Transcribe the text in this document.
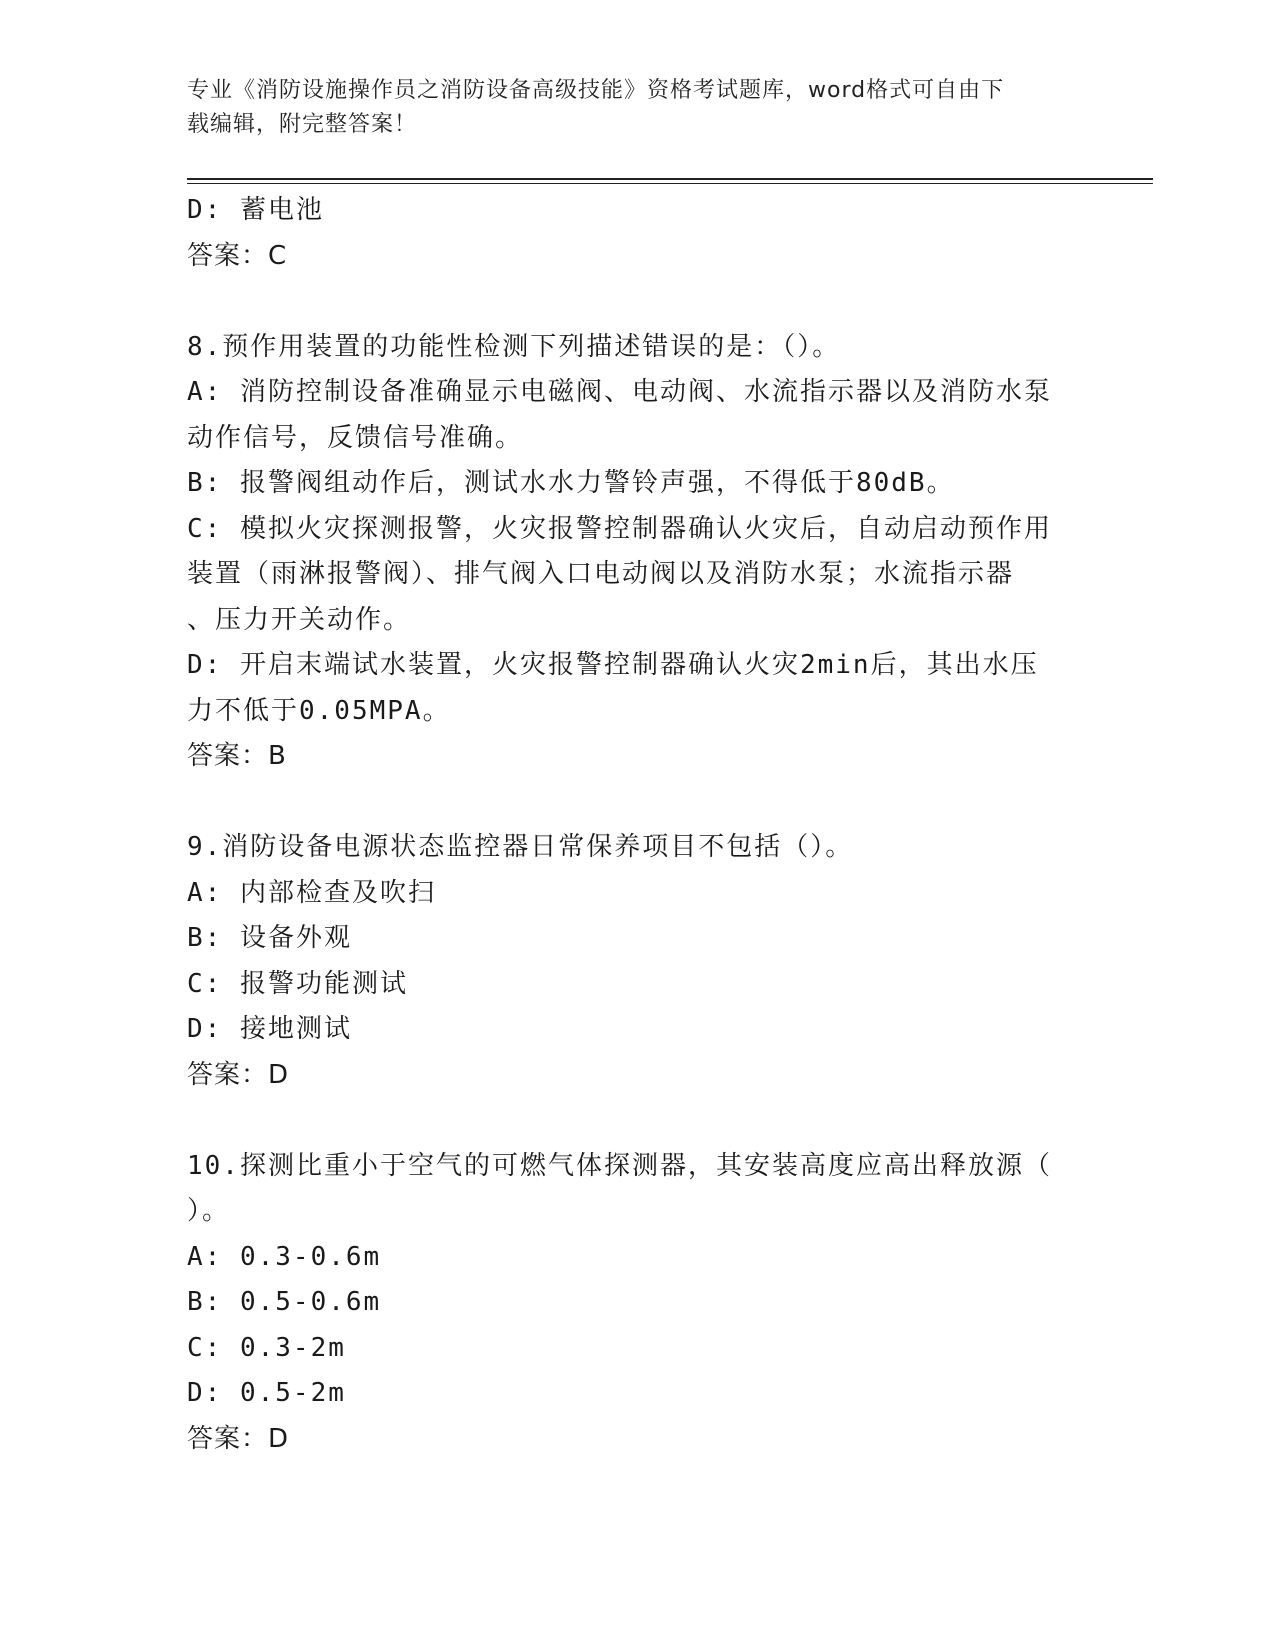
专业《消防设施操作员之消防设备高级技能》资格考试题库，word格式可自由下
载编辑，附完整答案！
D: 蓄电池
答案：C
8.预作用装置的功能性检测下列描述错误的是：（）。
A: 消防控制设备准确显示电磁阀、电动阀、水流指示器以及消防水泵
动作信号，反馈信号准确。
B: 报警阀组动作后，测试水水力警铃声强，不得低于80dB。
C: 模拟火灾探测报警，火灾报警控制器确认火灾后，自动启动预作用
装置（雨淋报警阀）、排气阀入口电动阀以及消防水泵；水流指示器
、压力开关动作。
D: 开启末端试水装置，火灾报警控制器确认火灾2min后，其出水压
力不低于0.05MPA。
答案：B
9.消防设备电源状态监控器日常保养项目不包括（）。
A: 内部检查及吹扫
B: 设备外观
C: 报警功能测试
D: 接地测试
答案：D
10.探测比重小于空气的可燃气体探测器，其安装高度应高出释放源（
）。
A: 0.3-0.6m
B: 0.5-0.6m
C: 0.3-2m
D: 0.5-2m
答案：D
